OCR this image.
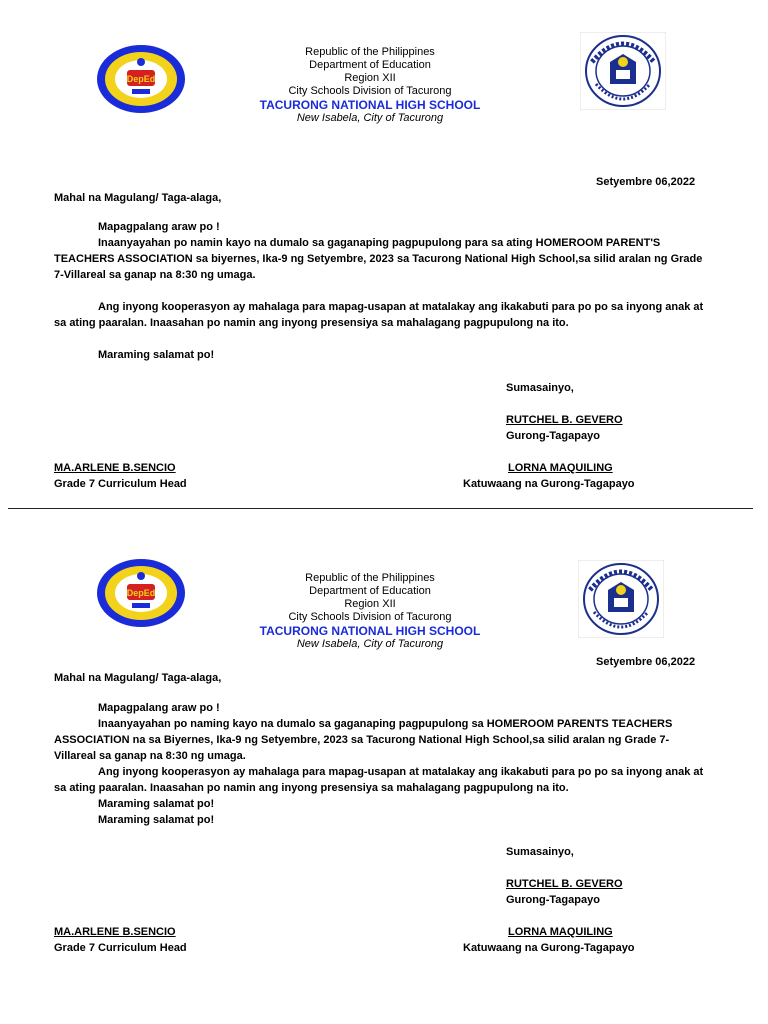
DepEd
Republic of the Philippines
Department of Education
Region XII
City Schools Division of Tacurong
TACURONG NATIONAL HIGH SCHOOL
New Isabela, City of Tacurong
Setyembre 06,2022
Mahal na Magulang/ Taga-alaga,
Mapagpalang araw po !
Inaanyayahan po namin kayo na dumalo sa gaganaping pagpupulong para sa ating HOMEROOM PARENT'S TEACHERS ASSOCIATION sa biyernes, Ika-9 ng Setyembre, 2023 sa Tacurong National High School,sa silid aralan ng Grade 7-Villareal sa ganap na 8:30 ng umaga.
Ang inyong kooperasyon ay mahalaga para mapag-usapan at matalakay ang ikakabuti para po po sa inyong anak at sa ating paaralan. Inaasahan po namin ang inyong presensiya sa mahalagang pagpupulong na ito.
Maraming salamat po!
Sumasainyo,
RUTCHEL B. GEVERO
Gurong-Tagapayo
MA.ARLENE B.SENCIO
Grade 7 Curriculum Head
LORNA MAQUILING
Katuwaang na Gurong-Tagapayo
DepEd
Republic of the Philippines
Department of Education
Region XII
City Schools Division of Tacurong
TACURONG NATIONAL HIGH SCHOOL
New Isabela, City of Tacurong
Setyembre 06,2022
Mahal na Magulang/ Taga-alaga,
Mapagpalang araw po !
Inaanyayahan po naming kayo na dumalo sa gaganaping pagpupulong sa HOMEROOM PARENTS TEACHERS ASSOCIATION na sa Biyernes, Ika-9 ng Setyembre, 2023 sa Tacurong National High School,sa silid aralan ng Grade 7-Villareal sa ganap na 8:30 ng umaga.
Ang inyong kooperasyon ay mahalaga para mapag-usapan at matalakay ang ikakabuti para po po sa inyong anak at sa ating paaralan. Inaasahan po namin ang inyong presensiya sa mahalagang pagpupulong na ito.
Maraming salamat po!
Maraming salamat po!
Sumasainyo,
RUTCHEL B. GEVERO
Gurong-Tagapayo
MA.ARLENE B.SENCIO
Grade 7 Curriculum Head
LORNA MAQUILING
Katuwaang na Gurong-Tagapayo
